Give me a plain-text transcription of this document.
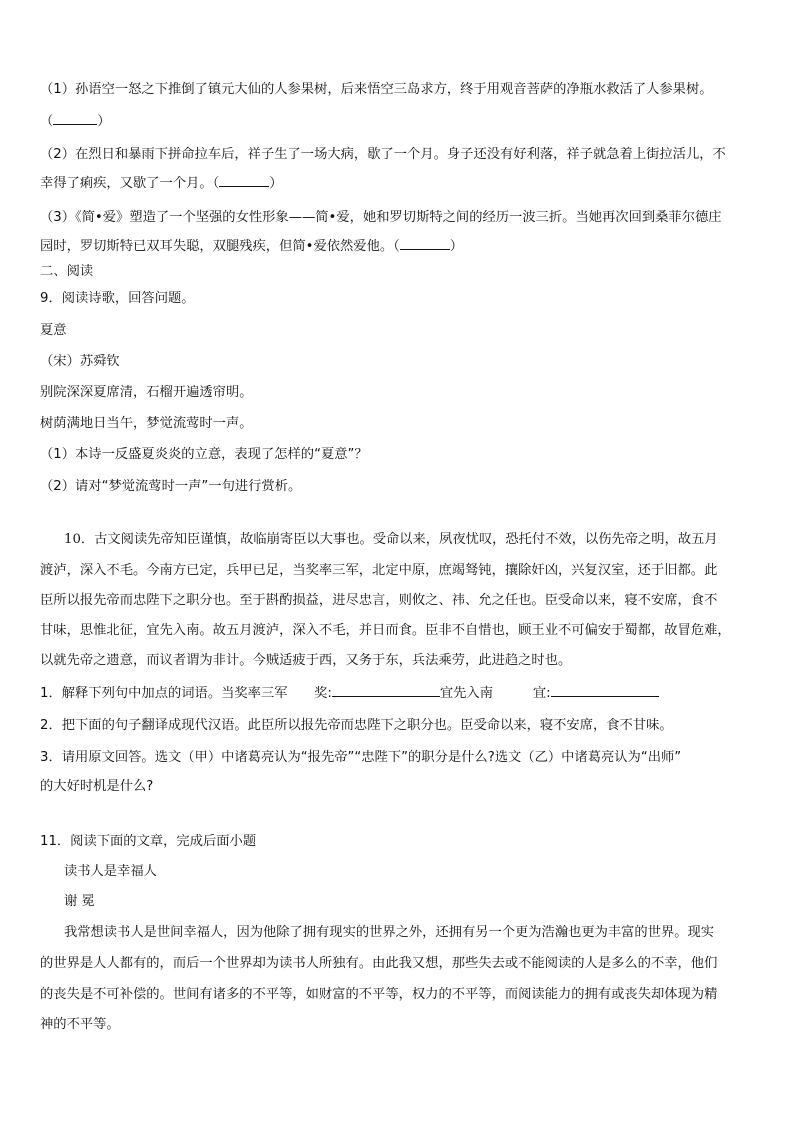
（1）孙语空一怒之下推倒了镇元大仙的人参果树，后来悟空三岛求方，终于用观音菩萨的净瓶水救活了人参果树。
（	）
（2）在烈日和暴雨下拼命拉车后，祥子生了一场大病，歇了一个月。身子还没有好利落，祥子就急着上街拉活儿，不
幸得了痢疾，又歇了一个月。（	）
（3）《简•爱》塑造了一个坚强的女性形象——简•爱，她和罗切斯特之间的经历一波三折。当她再次回到桑菲尔德庄
园时，罗切斯特已双耳失聪，双腿残疾，但简•爱依然爱他。（	）
二、阅读
9．阅读诗歌，回答问题。
夏意
（宋）苏舜钦
别院深深夏席清，石榴开遍透帘明。
树荫满地日当午，梦觉流莺时一声。
（1）本诗一反盛夏炎炎的立意，表现了怎样的“夏意”？
（2）请对“梦觉流莺时一声”一句进行赏析。
10．古文阅读先帝知臣谨慎，故临崩寄臣以大事也。受命以来，夙夜忧叹，恐托付不效，以伤先帝之明，故五月
渡泸，深入不毛。今南方已定，兵甲已足，当奖率三军，北定中原，庶竭驽钝，攘除奸凶，兴复汉室，还于旧都。此
臣所以报先帝而忠陛下之职分也。至于斟酌损益，进尽忠言，则攸之、祎、允之任也。臣受命以来，寝不安席，食不
甘味，思惟北征，宜先入南。故五月渡泸，深入不毛，并日而食。臣非不自惜也，顾王业不可偏安于蜀都，故冒危难，
以就先帝之遗意，而议者谓为非计。今贼适疲于西，又务于东，兵法乘劳，此进趋之时也。
1．解释下列句中加点的词语。当奖率三军　　奖:	宜先入南　　　宜:
2．把下面的句子翻译成现代汉语。此臣所以报先帝而忠陛下之职分也。臣受命以来，寝不安席，食不甘味。
3．请用原文回答。选文（甲）中诸葛亮认为“报先帝”“忠陛下”的职分是什么?选文（乙）中诸葛亮认为“出师”
的大好时机是什么?
11．阅读下面的文章，完成后面小题
读书人是幸福人
谢 冕
我常想读书人是世间幸福人，因为他除了拥有现实的世界之外，还拥有另一个更为浩瀚也更为丰富的世界。现实
的世界是人人都有的，而后一个世界却为读书人所独有。由此我又想，那些失去或不能阅读的人是多么的不幸，他们
的丧失是不可补偿的。世间有诸多的不平等，如财富的不平等，权力的不平等，而阅读能力的拥有或丧失却体现为精
神的不平等。
